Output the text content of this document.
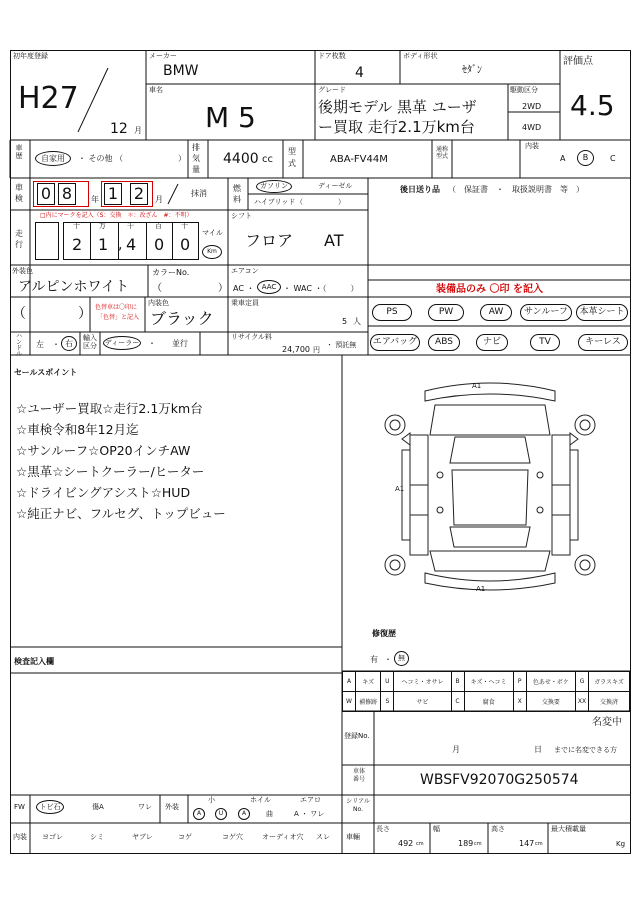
初年度登録
H27
12 月
メーカー
BMW
車名
M 5
ドア枚数
4
ボディ形状
ｾﾀﾞﾝ
グレード
後期モデル 黒革 ユーザ
ー買取 走行2.1万km台
駆動区分
2WD
4WD
評価点
4.5
車歴	自家用	・ その他 （	）
排気量
4400 cc
型式	ABA-FV44M
通称型式
内装
A	B	C
車検 0 8	年 1 2	月
抹消
燃料
ガソリン	ディーゼル
ハイブリッド （　　　　　）
後日送り品 （　保証書　・　取扱説明書　等　）
走行
□内にマークを記入（S：交換　＊：改ざん　#：不明）
十
2
万
1
千
4
百
0
十
0
,
マイル
Km
シフト
フロア AT
外装色
アルピンホワイト
カラーNo.
（	）
エアコン
AC ・	AAC ・ WAC ・（　　　）	装備品のみ 〇印 を記入
（	） 色替車は〇印に
「色替」と記入
内装色
ブラック
乗車定員
5 人
PS	PW	AW	サンルーフ	本革シート
エアバッグ	ABS	ナビ	TV	キーレス
ハンドル
左 ・ 右
輸入区分 ディーラー ・ 並行
リサイクル料
24,700 円
・ 預託無
セールスポイント
☆ユーザー買取☆走行2.1万km台
☆車検令和8年12月迄
☆サンルーフ☆OP20インチAW
☆黒革☆シートクーラー/ヒーター
☆ドライビングアシスト☆HUD
☆純正ナビ、フルセグ、トップビュー
A1
A1
A1
修復歴
有 ・ 無
A	キズ	U	ヘコミ・オサレ	B	キズ・ヘコミ	P	色あせ・ボケ	G	ガラスキズ
W	補修跡	S	サビ	C	腐食	X	交換要	XX	交換済
名変中
登録No.
月	日 までに名変できる方
車体番号	WBSFV92070G250574
シリアルNo.
検査記入欄
FW	トビ石	傷A	ワレ 外装
小
A	U
ホイル
A	曲
エアロ
A ・ ワレ
内装 ヨゴレ	シミ	ヤブレ	コゲ	コゲ穴	オーディオ穴 スレ 車輛
長さ
492 cm
幅
189 cm
高さ
147 cm
最大積載量
Kg
